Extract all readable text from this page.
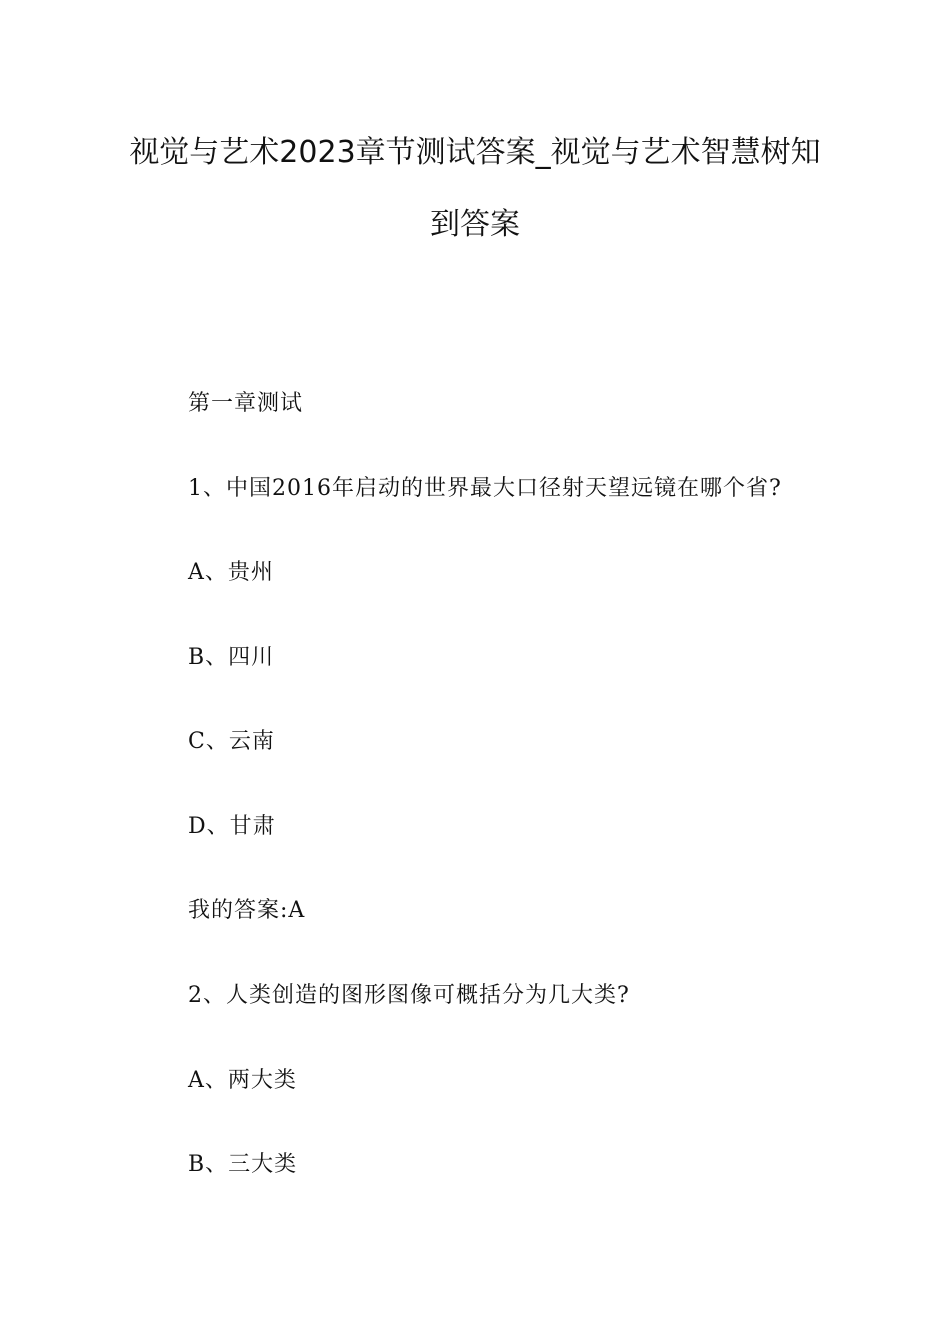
视觉与艺术2023章节测试答案_视觉与艺术智慧树知
到答案
第一章测试
1、中国2016年启动的世界最大口径射天望远镜在哪个省?
A、贵州
B、四川
C、云南
D、甘肃
我的答案:A
2、人类创造的图形图像可概括分为几大类?
A、两大类
B、三大类
